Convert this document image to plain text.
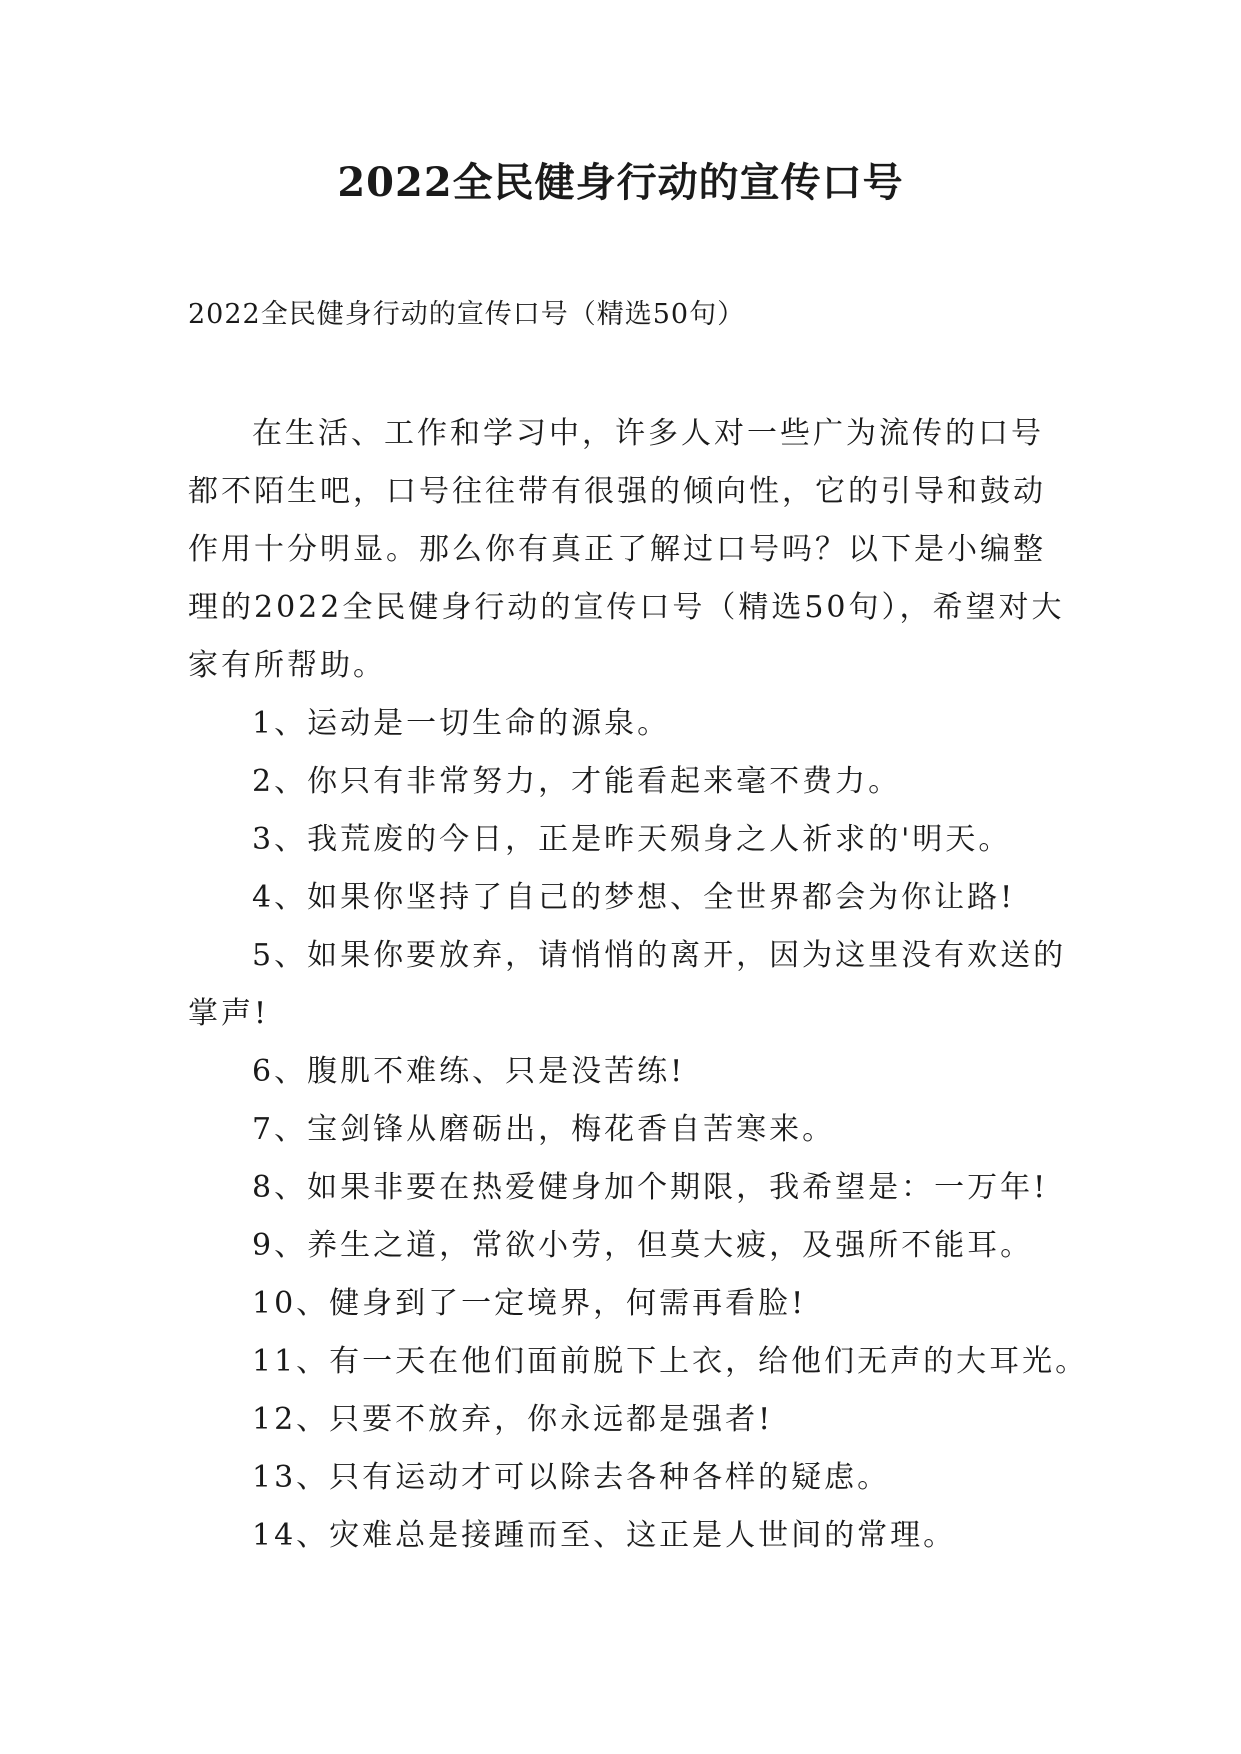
2022全民健身行动的宣传口号

2022全民健身行动的宣传口号（精选50句）

在生活、工作和学习中，许多人对一些广为流传的口号都不陌生吧，口号往往带有很强的倾向性，它的引导和鼓动作用十分明显。那么你有真正了解过口号吗？以下是小编整理的2022全民健身行动的宣传口号（精选50句），希望对大家有所帮助。

1、运动是一切生命的源泉。

2、你只有非常努力，才能看起来毫不费力。

3、我荒废的今日，正是昨天殒身之人祈求的'明天。

4、如果你坚持了自己的梦想、全世界都会为你让路!

5、如果你要放弃，请悄悄的离开，因为这里没有欢送的掌声!

6、腹肌不难练、只是没苦练!

7、宝剑锋从磨砺出，梅花香自苦寒来。

8、如果非要在热爱健身加个期限，我希望是：一万年!

9、养生之道，常欲小劳，但莫大疲，及强所不能耳。

10、健身到了一定境界，何需再看脸!

11、有一天在他们面前脱下上衣，给他们无声的大耳光。

12、只要不放弃，你永远都是强者!

13、只有运动才可以除去各种各样的疑虑。

14、灾难总是接踵而至、这正是人世间的常理。
